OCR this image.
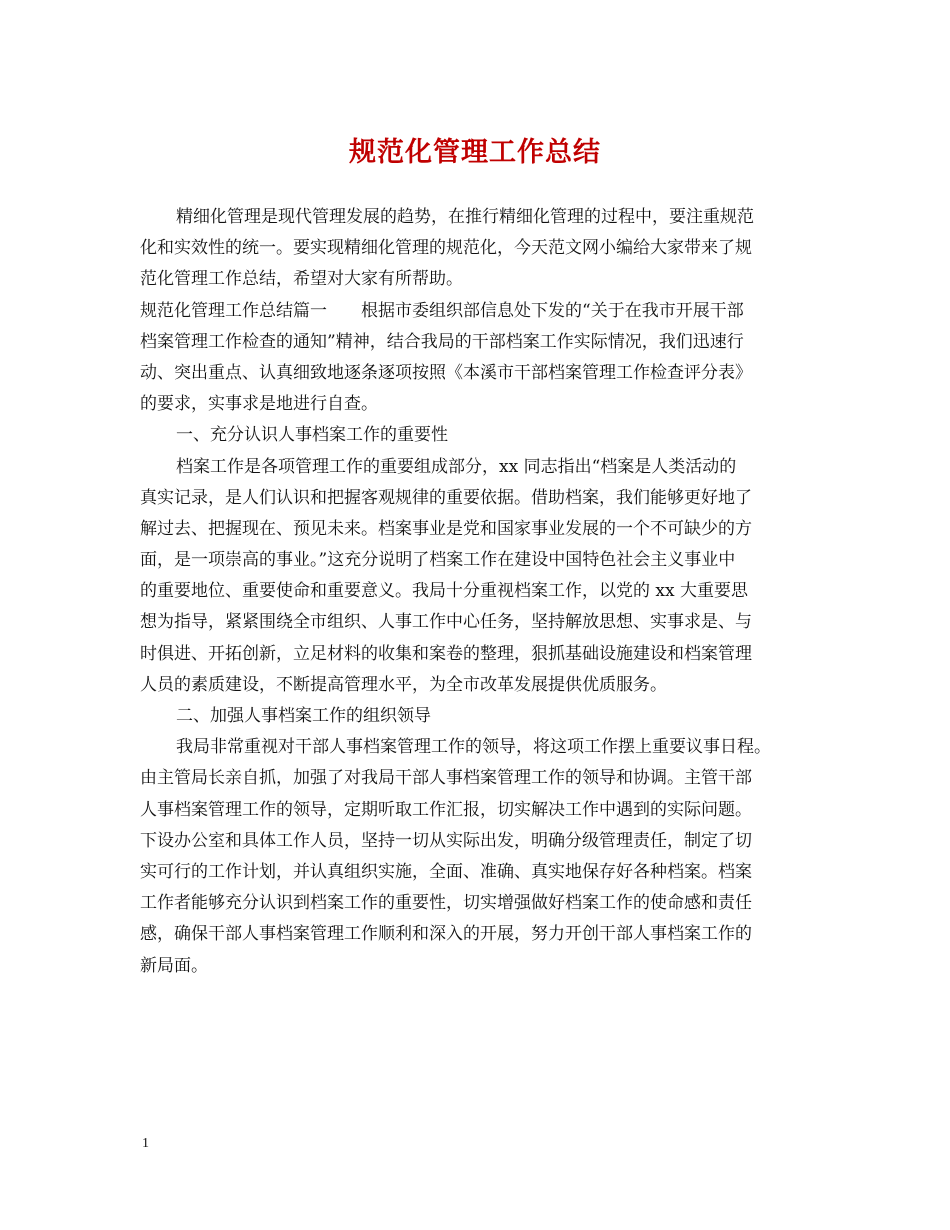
规范化管理工作总结
精细化管理是现代管理发展的趋势，在推行精细化管理的过程中，要注重规范
化和实效性的统一。要实现精细化管理的规范化，今天范文网小编给大家带来了规
范化管理工作总结，希望对大家有所帮助。
规范化管理工作总结篇一　　根据市委组织部信息处下发的“关于在我市开展干部
档案管理工作检查的通知”精神，结合我局的干部档案工作实际情况，我们迅速行
动、突出重点、认真细致地逐条逐项按照《本溪市干部档案管理工作检查评分表》
的要求，实事求是地进行自查。
一、充分认识人事档案工作的重要性
档案工作是各项管理工作的重要组成部分，xx 同志指出“档案是人类活动的
真实记录，是人们认识和把握客观规律的重要依据。借助档案，我们能够更好地了
解过去、把握现在、预见未来。档案事业是党和国家事业发展的一个不可缺少的方
面，是一项崇高的事业。”这充分说明了档案工作在建设中国特色社会主义事业中
的重要地位、重要使命和重要意义。我局十分重视档案工作，以党的 xx 大重要思
想为指导，紧紧围绕全市组织、人事工作中心任务，坚持解放思想、实事求是、与
时俱进、开拓创新，立足材料的收集和案卷的整理，狠抓基础设施建设和档案管理
人员的素质建设，不断提高管理水平，为全市改革发展提供优质服务。
二、加强人事档案工作的组织领导
我局非常重视对干部人事档案管理工作的领导，将这项工作摆上重要议事日程。
由主管局长亲自抓，加强了对我局干部人事档案管理工作的领导和协调。主管干部
人事档案管理工作的领导，定期听取工作汇报，切实解决工作中遇到的实际问题。
下设办公室和具体工作人员，坚持一切从实际出发，明确分级管理责任，制定了切
实可行的工作计划，并认真组织实施，全面、准确、真实地保存好各种档案。档案
工作者能够充分认识到档案工作的重要性，切实增强做好档案工作的使命感和责任
感，确保干部人事档案管理工作顺利和深入的开展，努力开创干部人事档案工作的
新局面。
1
